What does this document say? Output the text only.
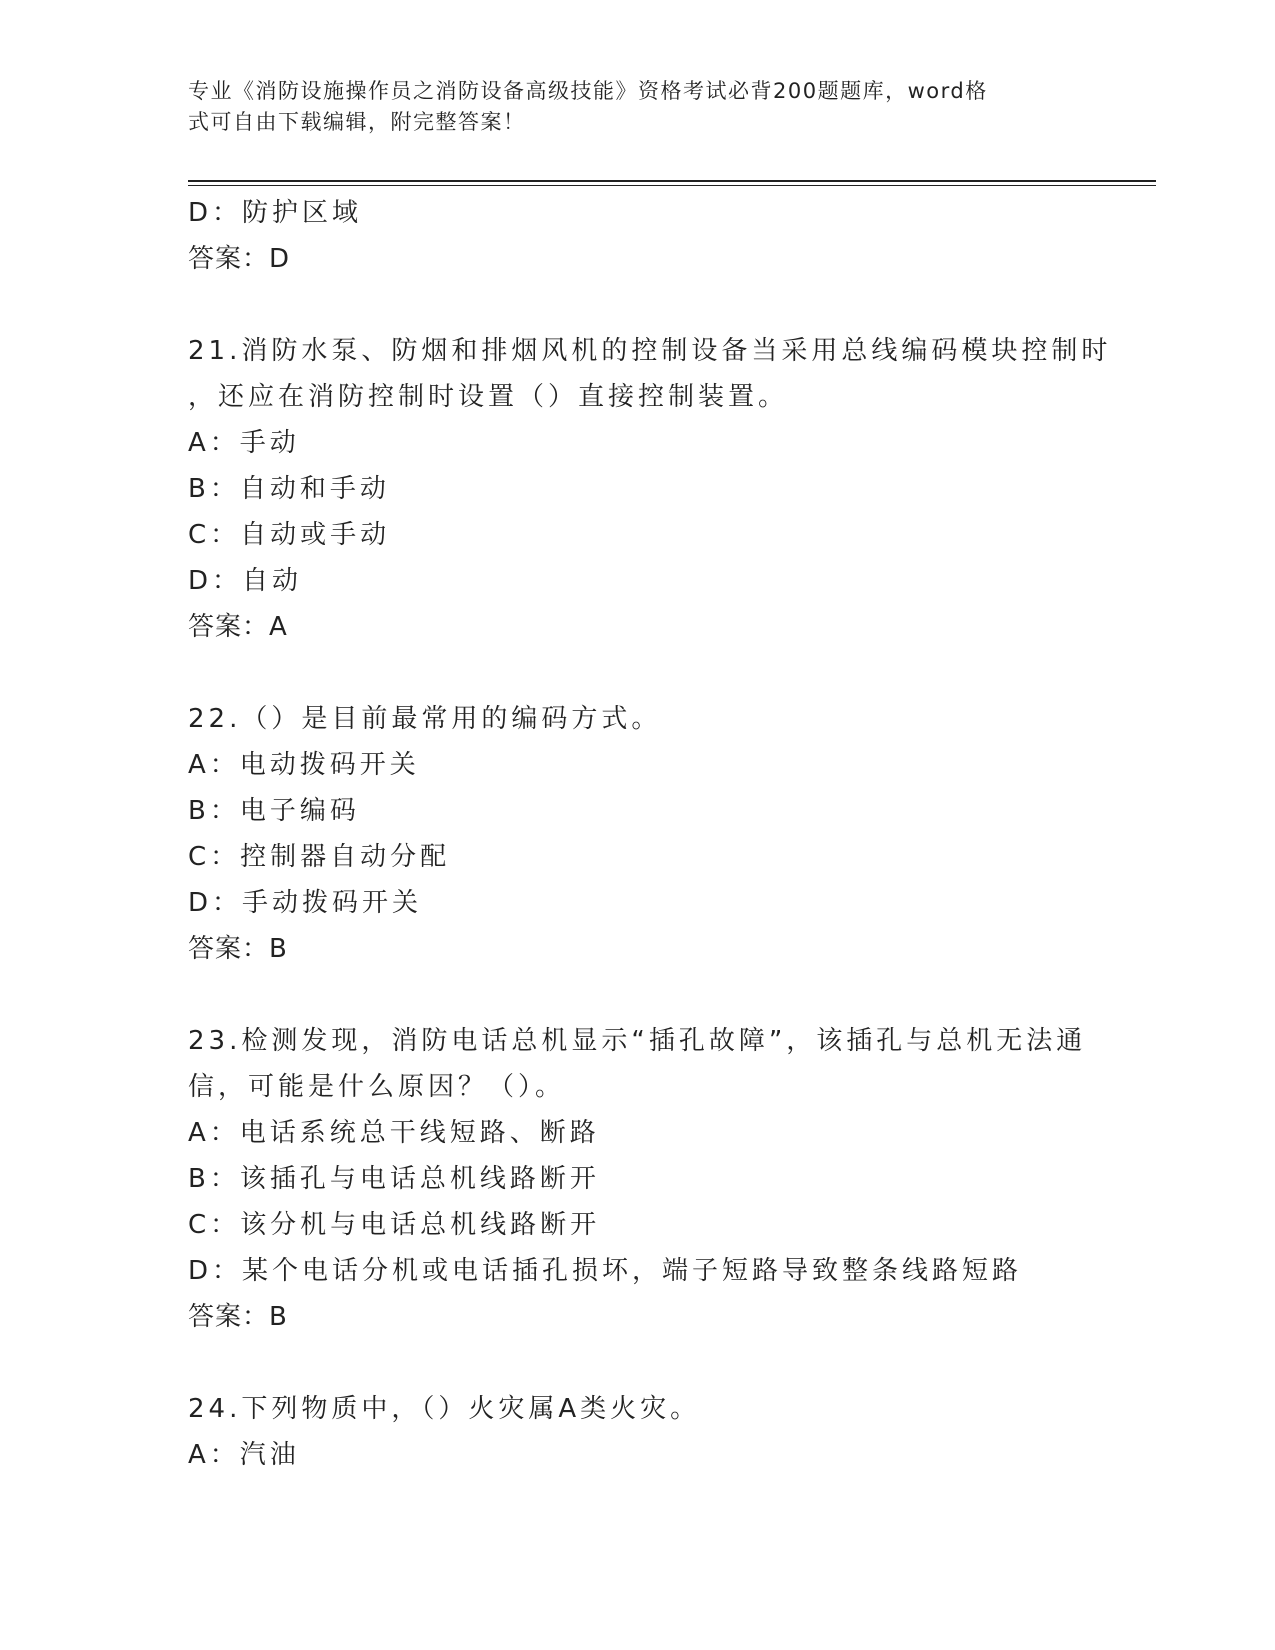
专业《消防设施操作员之消防设备高级技能》资格考试必背200题题库，word格

式可自由下载编辑，附完整答案！

D：防护区域
答案：D
21.消防水泵、防烟和排烟风机的控制设备当采用总线编码模块控制时
，还应在消防控制时设置（）直接控制装置。
A：手动
B：自动和手动
C：自动或手动
D：自动
答案：A
22.（）是目前最常用的编码方式。
A：电动拨码开关
B：电子编码
C：控制器自动分配
D：手动拨码开关
答案：B
23.检测发现，消防电话总机显示“插孔故障”，该插孔与总机无法通
信，可能是什么原因？（）。
A：电话系统总干线短路、断路
B：该插孔与电话总机线路断开
C：该分机与电话总机线路断开
D：某个电话分机或电话插孔损坏，端子短路导致整条线路短路
答案：B
24.下列物质中，（）火灾属A类火灾。
A：汽油
